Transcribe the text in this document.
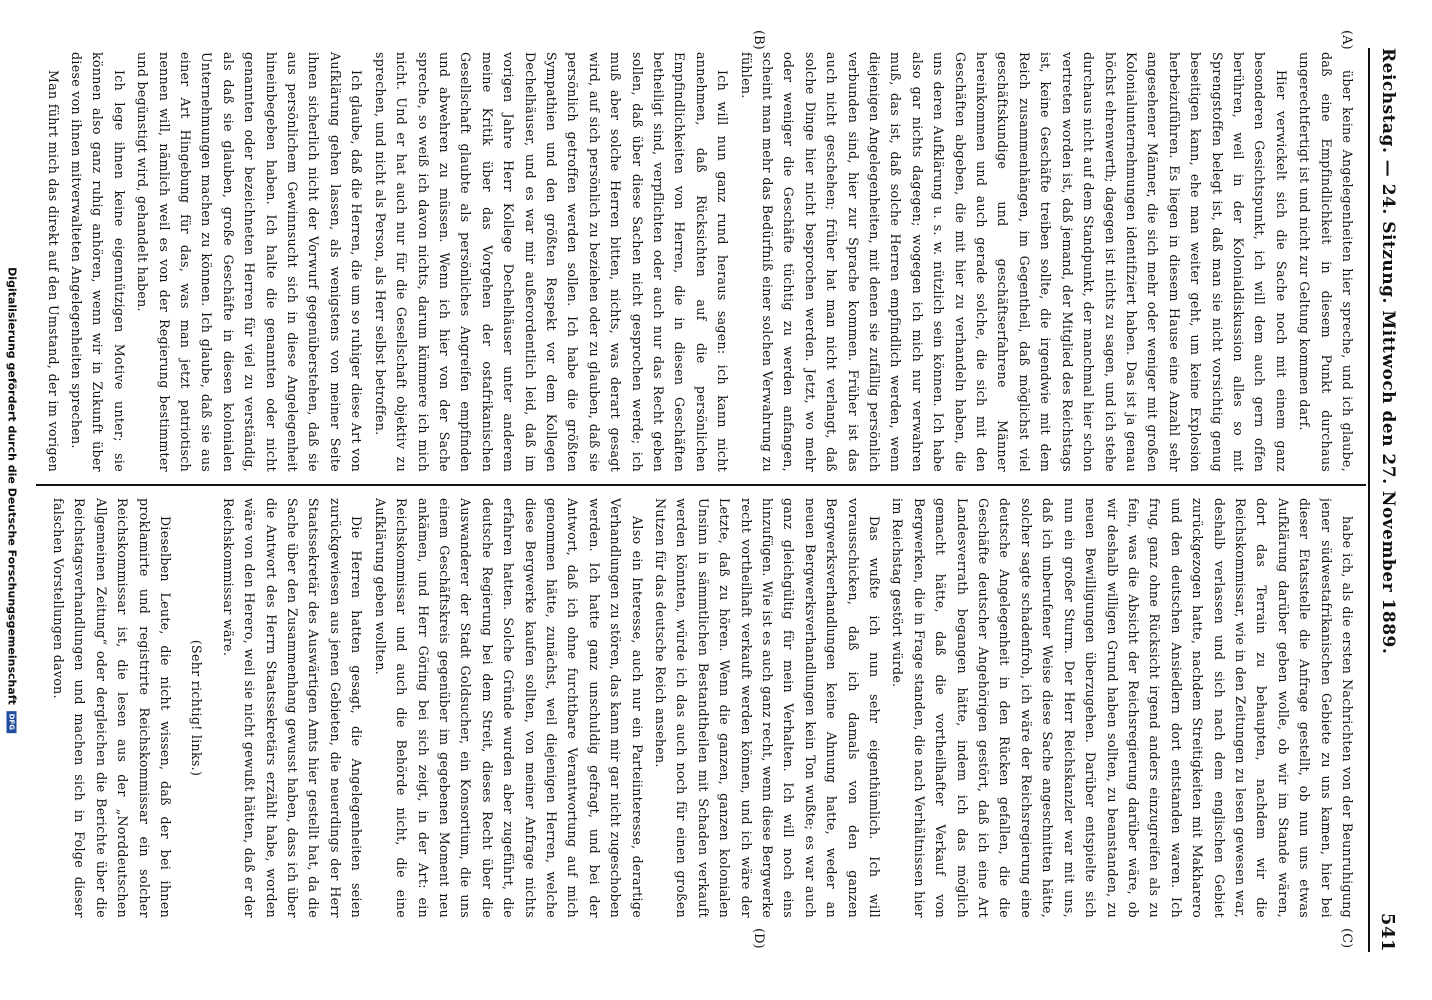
Reichstag. — 24. Sitzung. Mittwoch den 27. November 1889.
541
(A)
(B)
(C)
(D)

über keine Angelegenheiten hier spreche, und ich glaube, daß eine Empfindlichkeit in diesem Punkt durchaus ungerechtfertigt ist und nicht zur Geltung kommen darf.

Hier verwickelt sich die Sache noch mit einem ganz besonderen Gesichtspunkt, ich will dem auch gern offen berühren, weil in der Kolonialdiskussion alles so mit Sprengstoffen belegt ist, daß man sie nicht vorsichtig genug beseitigen kann, ehe man weiter geht, um keine Explosion herbeizuführen. Es liegen in diesem Hause eine Anzahl sehr angesehener Männer, die sich mehr oder weniger mit großen Kolonialunternehmungen identifiziert haben. Das ist ja genau höchst ehrenwerth; dagegen ist nichts zu sagen, und ich stehe durchaus nicht auf dem Standpunkt, der manchmal hier schon vertreten worden ist, daß jemand, der Mitglied des Reichstags ist, keine Geschäfte treiben sollte, die irgendwie mit dem Reich zusammenhängen, im Gegentheil, daß möglichst viel geschäftskundige und geschäftserfahrene Männer hereinkommen und auch gerade solche, die sich mit den Geschäften abgeben, die mit hier zu verhandeln haben, die uns deren Aufklärung u. s. w. nützlich sein können. Ich habe also gar nichts dagegen; wogegen ich mich nur verwahren muß, das ist, daß solche Herren empfindlich werden, wenn diejenigen Angelegenheiten, mit denen sie zufällig persönlich verbunden sind, hier zur Sprache kommen. Früher ist das auch nicht geschehen; früher hat man nicht verlangt, daß solche Dinge hier nicht besprochen werden. Jetzt, wo mehr oder weniger die Geschäfte tüchtig zu werden anfangen, scheint man mehr das Bedürfniß einer solchen Verwahrung zu fühlen.

Ich will nun ganz rund heraus sagen: ich kann nicht annehmen, daß Rücksichten auf die persönlichen Empfindlichkeiten von Herren, die in diesen Geschäften betheiligt sind, verpflichten oder auch nur das Recht geben sollen, daß über diese Sachen nicht gesprochen werde; ich muß aber solche Herren bitten, nichts, was derart gesagt wird, auf sich persönlich zu beziehen oder zu glauben, daß sie persönlich getroffen werden sollen. Ich habe die größten Sympathien und den größten Respekt vor dem Kollegen Dechelhäuser, und es war mir außerordentlich leid, daß im vorigen Jahre Herr Kollege Dechelhäuser unter anderem meine Kritik über das Vorgehen der ostafrikanischen Gesellschaft glaubte als persönliches Angreifen empfinden und abwehren zu müssen. Wenn ich hier von der Sache spreche, so weiß ich davon nichts, darum kümmere ich mich nicht. Und er hat auch nur für die Gesellschaft objektiv zu sprechen, und nicht als Person, als Herr selbst betroffen.

Ich glaube, daß die Herren, die um so ruhiger diese Art von Aufklärung gehen lassen, als wenigstens von meiner Seite ihnen sicherlich nicht der Vorwurf gegenüberstehen, daß sie aus persönlichem Gewinnsucht sich in diese Angelegenheit hineinbegeben haben. Ich halte die genannten oder nicht genannten oder bezeichneten Herren für viel zu verständig, als daß sie glauben, große Geschäfte in diesen kolonialen Unternehmungen machen zu können. Ich glaube, daß sie aus einer Art Hingebung für das, was man jetzt patriotisch nennen will, nämlich weil es von der Regierung bestimmter und begünstigt wird, gehandelt haben.

Ich lege ihnen keine eigennützigen Motive unter; sie können also ganz ruhig anhören, wenn wir in Zukunft über diese von ihnen mitverwalteten Angelegenheiten sprechen.

Man führt mich das direkt auf den Umstand, der im vorigen

habe ich, als die ersten Nachrichten von der Beunruhigung jener südwestafrikanischen Gebiete zu uns kamen, hier bei dieser Etatsstelle die Anfrage gestellt, ob nun uns etwas Aufklärung darüber geben wolle, ob wir im Stande wären, dort das Terrain zu behaupten, nachdem wir die Reichskommissar, wie in den Zeitungen zu lesen gewesen war, deshalb verlassen und sich nach dem englischen Gebiet zurückgezogen hatte, nachdem Streitigkeiten mit Makharero und den deutschen Ansiedlern dort entstanden waren. Ich frug, ganz ohne Rücksicht irgend anders einzugreifen als zu fein, was die Absicht der Reichsregierung darüber wäre, ob wir deshalb willigen Grund haben sollten, zu beanstanden, zu neuen Bewilligungen überzugehen. Darüber entspielte sich nun ein großer Sturm. Der Herr Reichskanzler war mit uns, daß ich unberufener Weise diese Sache angeschnitten hätte, solcher sagte schadenfroh, ich wäre der Reichsregierung eine deutsche Angelegenheit in den Rücken gefallen, die die Geschäfte deutscher Angehörigen gestört, daß ich eine Art Landesverrath begangen hätte, indem ich das möglich gemacht hätte, daß die vortheilhafter Verkauf von Bergwerken, die in Frage standen, die nach Verhältnissen hier im Reichstag gestört würde.

Das wußte ich nun sehr eigenthümlich. Ich will vorausschicken, daß ich damals von den ganzen Bergwerksverhandlungen keine Ahnung hatte, weder an neuen Bergwerksverhandlungen kein Ton wußte; es war auch ganz gleichgültig für mein Verhalten. Ich will noch eins hinzufügen. Wie ist es auch ganz recht, wenn diese Bergwerke recht vortheilhaft verkauft werden können, und ich wäre der Letzte, daß zu hören. Wenn die ganzen, ganzen kolonialen Unsinn in sämmtlichen Bestandtheilen mit Schaden verkauft werden könnten, würde ich das auch noch für einen großen Nutzen für das deutsche Reich ansehen.

Also ein Interesse, auch nur ein Parteiinteresse, derartige Verhandlungen zu stören, das kann mir gar nicht zugeschoben werden. Ich hatte ganz unschuldig gefragt, und bei der Antwort, daß ich ohne furchtbare Verantwortung auf mich genommen hätte, zunächst, weil diejenigen Herren, welche diese Bergwerke kaufen sollten, von meiner Anfrage nichts erfahren hatten. Solche Gründe wurden aber zugeführt, die deutsche Regierung bei dem Streit, dieses Recht über die Auswanderer der Stadt Goldsucher, ein Konsortium, die uns einem Geschäftskreis gegenüber im gegebenen Moment neu ankämen, und Herr Göring bei sich zeigt, in der Art: ein Reichskommissar und auch die Behörde nicht, die eine Aufklärung geben wollten.

Die Herren hatten gesagt, die Angelegenheiten seien zurückgewiesen aus jenen Gebieten, die neuerdings der Herr Staatssekretär des Auswärtigen Amts hier gestellt hat, da die Sache über den Zusammenhang gewusst haben, dass ich über die Antwort des Herrn Staatssekretärs erzählt habe, worden wäre von den Herero, weil sie nicht gewußt hätten, daß er der Reichskommissar wäre.

(Sehr richtig! links.)

Dieselben Leute, die nicht wissen, daß der bei ihnen proklamirte und registrirte Reichskommissar ein solcher Reichskommissar ist, die lesen aus der „Norddeutschen Allgemeinen Zeitung“ oder dergleichen die Berichte über die Reichstagsverhandlungen und machen sich in Folge dieser falschen Vorstellungen davon.

Digitalisierung gefördert durch die Deutsche Forschungsgemeinschaft
DFG
